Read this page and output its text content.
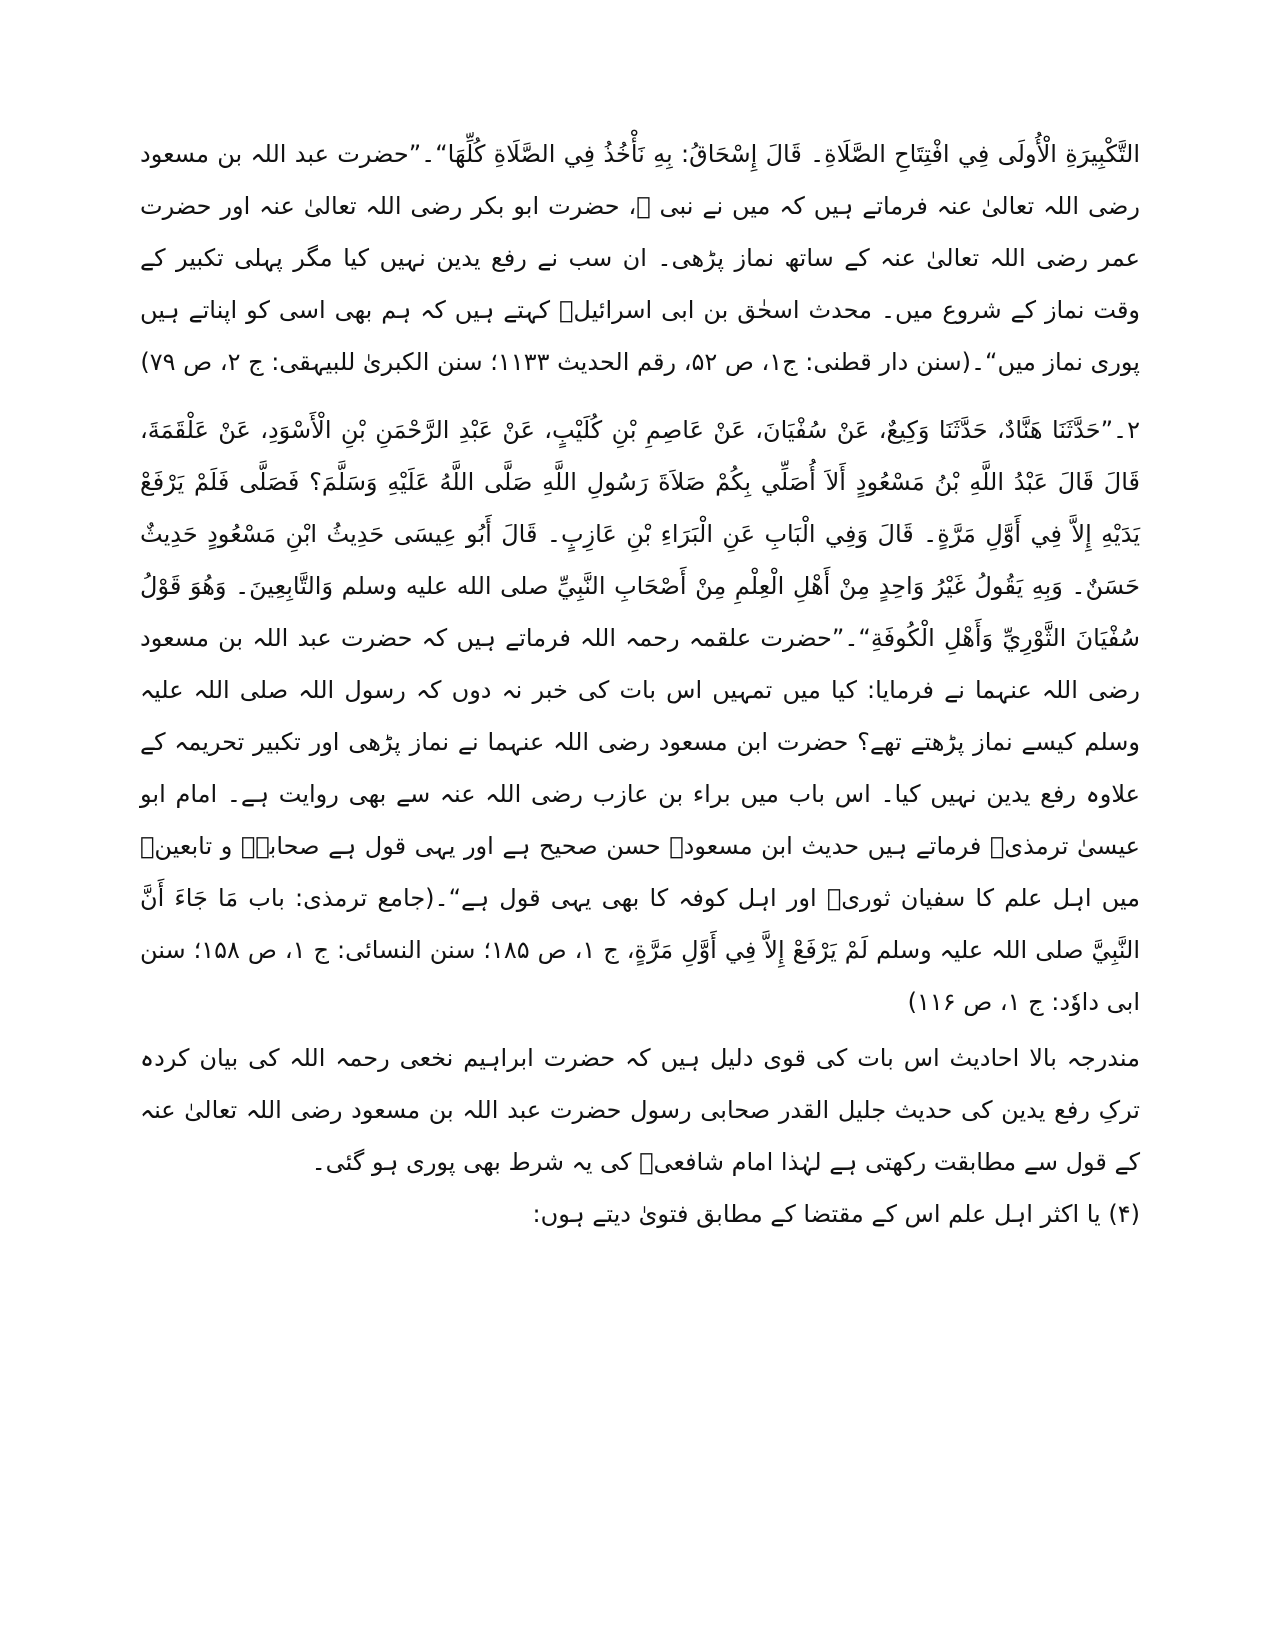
التَّكْبِيرَةِ الْأُولَى فِي افْتِتَاحِ الصَّلَاةِ۔ قَالَ إِسْحَاقُ: بِهِ نَأْخُذُ فِي الصَّلَاةِ كُلِّهَا“۔”حضرت عبد اللہ بن مسعود رضی اللہ تعالیٰ عنہ فرماتے ہیں کہ میں نے نبی ﷺ، حضرت ابو بکر رضی اللہ تعالیٰ عنہ اور حضرت عمر رضی اللہ تعالیٰ عنہ کے ساتھ نماز پڑھی۔ ان سب نے رفع یدین نہیں کیا مگر پہلی تکبیر کے وقت نماز کے شروع میں۔ محدث اسحٰق بن ابی اسرائیلؒ کہتے ہیں کہ ہم بھی اسی کو اپناتے ہیں پوری نماز میں“۔(سنن دار قطنی: ج۱، ص ۵۲، رقم الحدیث ۱۱۳۳؛ سنن الکبریٰ للبیہقی: ج ۲، ص ۷۹)

۲۔”حَدَّثَنَا هَنَّادٌ، حَدَّثَنَا وَكِيعٌ، عَنْ سُفْيَانَ، عَنْ عَاصِمِ بْنِ كُلَيْبٍ، عَنْ عَبْدِ الرَّحْمَنِ بْنِ الْأَسْوَدِ، عَنْ عَلْقَمَةَ، قَالَ قَالَ عَبْدُ اللَّهِ بْنُ مَسْعُودٍ أَلاَ أُصَلِّي بِكُمْ صَلاَةَ رَسُولِ اللَّهِ صَلَّى اللَّهُ عَلَيْهِ وَسَلَّمَ؟ فَصَلَّى فَلَمْ يَرْفَعْ يَدَيْهِ إِلاَّ فِي أَوَّلِ مَرَّةٍ۔ قَالَ وَفِي الْبَابِ عَنِ الْبَرَاءِ بْنِ عَازِبٍ۔ قَالَ أَبُو عِيسَى حَدِيثُ ابْنِ مَسْعُودٍ حَدِيثٌ حَسَنٌ۔ وَبِهِ يَقُولُ غَيْرُ وَاحِدٍ مِنْ أَهْلِ الْعِلْمِ مِنْ أَصْحَابِ النَّبِيِّ صلى الله عليه وسلم وَالتَّابِعِينَ۔ وَهُوَ قَوْلُ سُفْيَانَ الثَّوْرِيِّ وَأَهْلِ الْكُوفَةِ“۔”حضرت علقمہ رحمہ اللہ فرماتے ہیں کہ حضرت عبد اللہ بن مسعود رضی اللہ عنہما نے فرمایا: کیا میں تمہیں اس بات کی خبر نہ دوں کہ رسول اللہ صلی اللہ علیہ وسلم کیسے نماز پڑھتے تھے؟ حضرت ابن مسعود رضی اللہ عنہما نے نماز پڑھی اور تکبیر تحریمہ کے علاوہ رفع یدین نہیں کیا۔ اس باب میں براء بن عازب رضی اللہ عنہ سے بھی روایت ہے۔ امام ابو عیسیٰ ترمذیؒ فرماتے ہیں حدیث ابن مسعودؓ حسن صحیح ہے اور یہی قول ہے صحابہؓ و تابعینؒ میں اہل علم کا سفیان ثوریؒ اور اہل کوفہ کا بھی یہی قول ہے“۔(جامع ترمذی: باب مَا جَاءَ أَنَّ النَّبِيَّ صلی اللہ علیہ وسلم لَمْ يَرْفَعْ إِلاَّ فِي أَوَّلِ مَرَّةٍ، ج ۱، ص ۱۸۵؛ سنن النسائی: ج ۱، ص ۱۵۸؛ سنن ابی داوٗد: ج ۱، ص ۱۱۶)

مندرجہ بالا احادیث اس بات کی قوی دلیل ہیں کہ حضرت ابراہیم نخعی رحمہ اللہ کی بیان کردہ ترکِ رفع یدین کی حدیث جلیل القدر صحابی رسول حضرت عبد اللہ بن مسعود رضی اللہ تعالیٰ عنہ کے قول سے مطابقت رکھتی ہے لہٰذا امام شافعیؒ کی یہ شرط بھی پوری ہو گئی۔

(۴) یا اکثر اہل علم اس کے مقتضا کے مطابق فتویٰ دیتے ہوں:
